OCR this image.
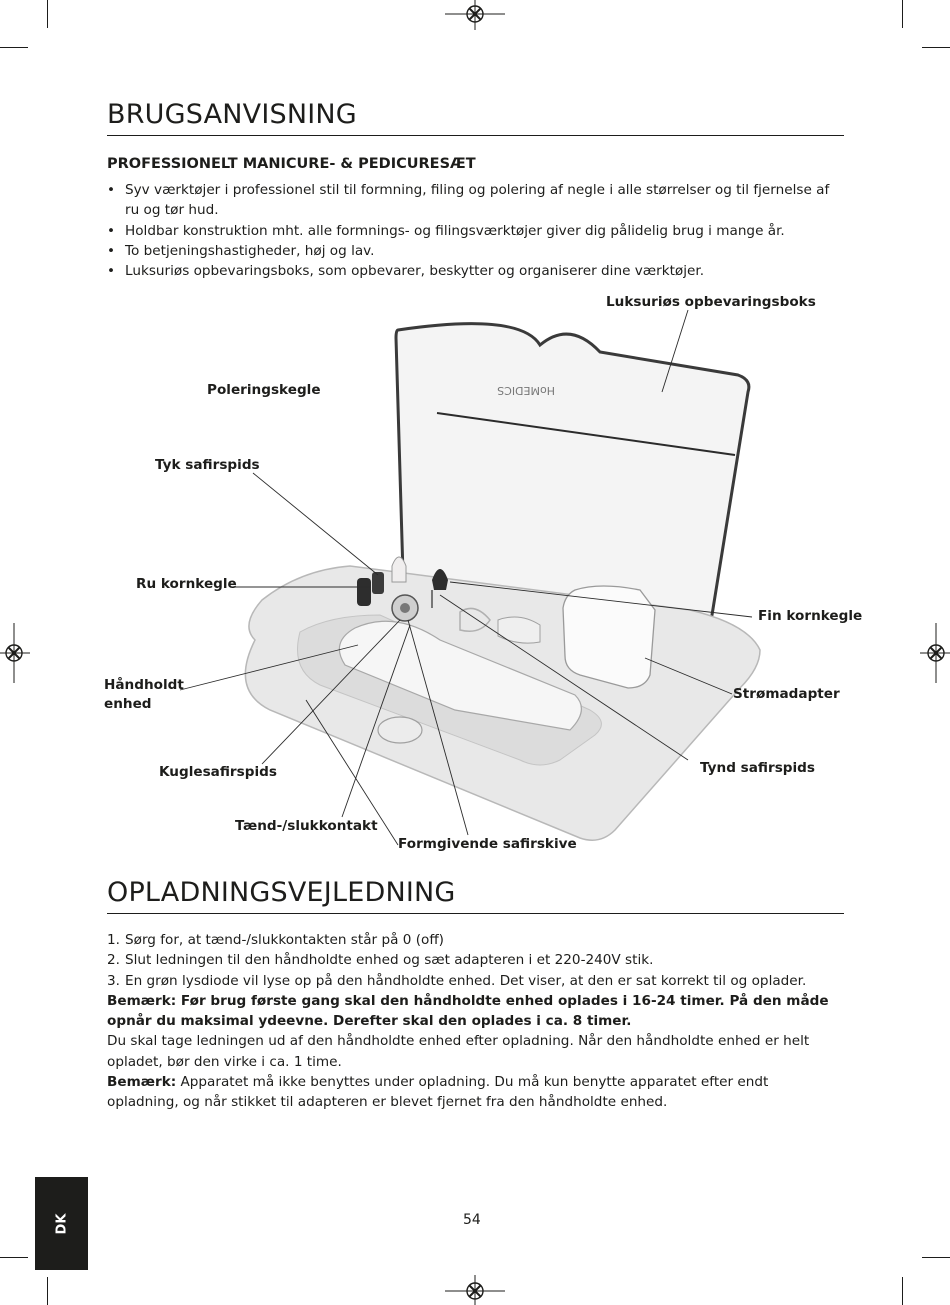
BRUGSANVISNING
PROFESSIONELT MANICURE- & PEDICURESÆT
• Syv værktøjer i professionel stil til formning, filing og polering af negle i alle størrelser og til fjernelse af ru og tør hud.
• Holdbar konstruktion mht. alle formnings- og filingsværktøjer giver dig pålidelig brug i mange år.
• To betjeningshastigheder, høj og lav.
• Luksuriøs opbevaringsboks, som opbevarer, beskytter og organiserer dine værktøjer.
HoMEDICS
Luksuriøs opbevaringsboks
Poleringskegle
Tyk safirspids
Ru kornkegle
Fin kornkegle
Håndholdt
enhed
Strømadapter
Kuglesafirspids	Tynd safirspids
Tænd-/slukkontakt
Formgivende safirskive
OPLADNINGSVEJLEDNING
1. Sørg for, at tænd-/slukkontakten står på 0 (off)
2. Slut ledningen til den håndholdte enhed og sæt adapteren i et 220-240V stik.
3. En grøn lysdiode vil lyse op på den håndholdte enhed. Det viser, at den er sat korrekt til og oplader.

Bemærk: Før brug første gang skal den håndholdte enhed oplades i 16-24 timer. På den måde opnår du maksimal ydeevne. Derefter skal den oplades i ca. 8 timer.

Du skal tage ledningen ud af den håndholdte enhed efter opladning. Når den håndholdte enhed er helt opladet, bør den virke i ca. 1 time.

Bemærk: Apparatet må ikke benyttes under opladning. Du må kun benytte apparatet efter endt opladning, og når stikket til adapteren er blevet fjernet fra den håndholdte enhed.

DK	54
